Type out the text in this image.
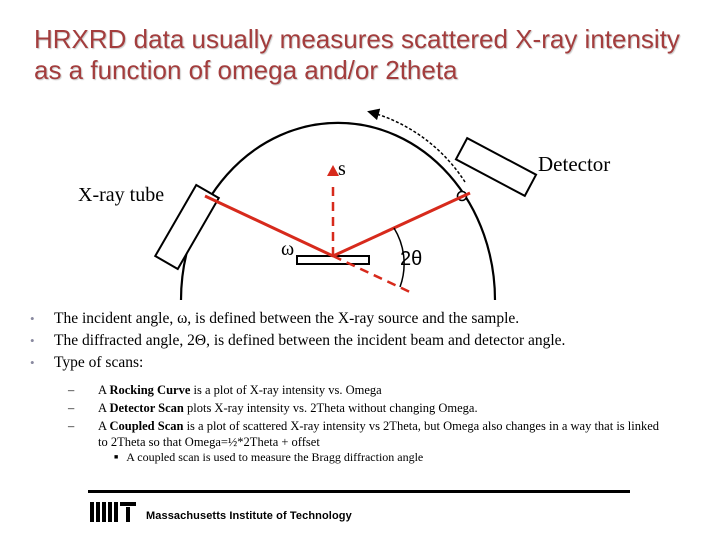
HRXRD data usually measures scattered X-ray intensity as a function of omega and/or 2theta
X-ray tube
Detector
s
ω	2θ
•	The incident angle, ω, is defined between the X-ray source and the sample.
•	The diffracted angle, 2Θ, is defined between the incident beam and detector angle.
•	Type of scans:
–	A Rocking Curve is a plot of X-ray intensity vs. Omega
–	A Detector Scan plots X-ray intensity vs. 2Theta without changing Omega.
–	A Coupled Scan is a plot of scattered X-ray intensity vs 2Theta, but Omega also changes in a way that is linked to 2Theta so that Omega=½*2Theta + offset
■ A coupled scan is used to measure the Bragg diffraction angle
Massachusetts Institute of Technology
